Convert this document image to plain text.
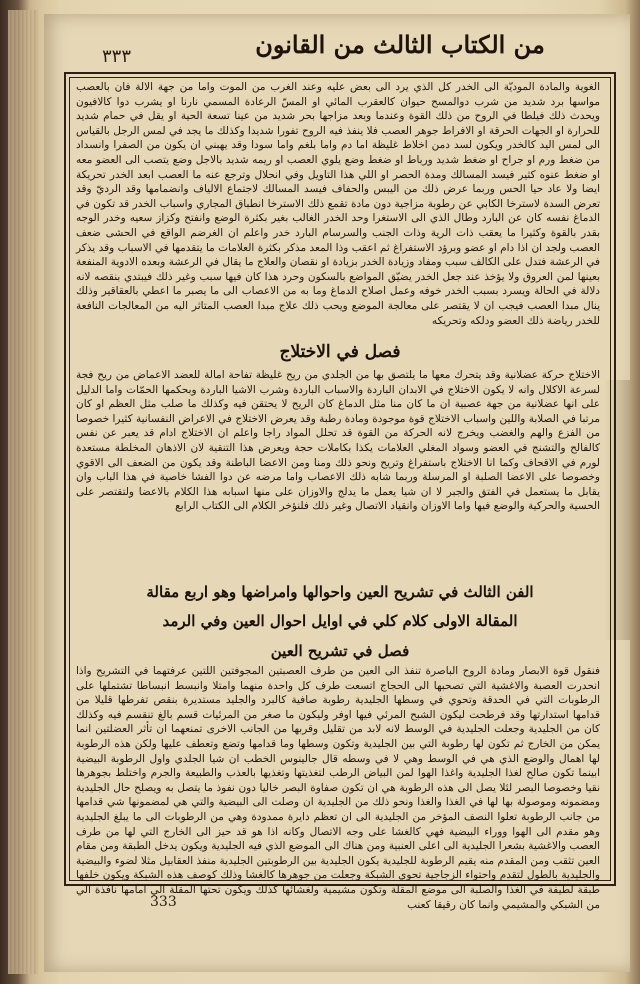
٣٣٣	من الكتاب الثالث من القانون
الغوية والمادة الموديّة الى الخدر كل الذي يرد الى بعض عليه وعند الغرب من الموت واما من جهة الالة فان بالعصب مواسها برد شديد من شرب دوالمسح حيوان كالعقرب المائي او المسّ الرعادة المسمي نارنا او يشرب دوا كالافيون ويحدث ذلك فيلطا في الروح من ذلك القوة وعندما وبعد مزاجها بحر شديد من عينا تسعة الحية او يقل في حمام شديد للحرارة او الجهات الحرقة او الافراط جوهر العصب فلا ينفذ فيه الروح تفورا شديدا وكذلك ما يجد في لمس الرجل بالقياس الى لمس اليد كالخدر ويكون لسد دمن اخلاط غليظة اما دم واما بلغم واما سودا وقد يهبني ان يكون من الصفرا وانسداد من ضغط ورم او جراح او ضغط شديد ورباط او ضغط وضع يلوي العصب او ريمه شديد بالاجل وضع يتصب الى العضو معه او ضغط عنوه كثير فيسد المسالك ومدة الحصر او اللي هذا التاويل وفي انحلال وترجع عنه ما العصب ابعد الخدر تحريكة ايضا ولا عاد حيا الحس وربما عرض ذلك من اليبس والحفاف فيسد المسالك لاجتماع الالياف وانضمامها وقد الرديّ وقد تعرض السدة لاسترخا الكابي عن رطوبة مزاجية دون مادة تقمع ذلك الاسترخا انطباق المجاري واسباب الخدر قد تكون في الدماغ نفسه كان عن البارد وطال الذي الى الاستغرا وحد الخدر الغالب بغير بكثرة الوضع وانفتح وكزاز سعيه وخدر الوجه بقدر بالقوة وكثيرا ما يعقب ذات الرية وذات الجنب والسرسام البارد خدر واعلم ان الغرضم الواقع في الحشى ضعف العصب ولجد ان اذا دام او عضو وبرؤد الاستفراغ ثم اعقب وذا المعد مذكر بكثرة العلامات ما يتقدمها في الاسباب وقد يذكر في الرعشة فتدل على الكالف سبب ومفاد وزيادة الخدر بزيادة او نقصان والعلاج ما يقال في الرعشة وبعده الادوية المنفعة بعينها لمن العروق ولا يؤخذ عند جعل الخدر يضيّق المواضع بالسكون وحرد هذا كان فيها سبب وغير ذلك فيبتدي بنقصه لانه دلالة في الحالة ويسرد بسبب الخدر خوفه وعمل اصلاح الدماغ وما به من الاعصاب الى ما يصبر ما اعطي بالعقاقير وذلك ينال مبدا العصب فيجب ان لا يقتصر على معالجة الموضع ويحب ذلك علاج مبدا العصب المتاثر اليه من المعالجات النافعة للخدر رياضة ذلك العضو ودلكه وتحريكه
فصل في الاختلاج
الاختلاج حركة عضلانية وقد يتحرك معها ما يلتصق بها من الجلدي من ريح غليظة تفاحة امالة للعضد الاعماض من ريح فجة لسرعة الاكلال وانه لا يكون الاختلاج في الابدان الباردة والاسباب الباردة وشرب الاشيا الباردة وبحكمها الحمّات واما الدليل على انها عضلانية من جهة عصبية ان ما كان منا مثل الدماغ كان الريح لا يحتقن فيه وكذلك ما صلب مثل العظم او كان مرتبا في الصلابة واللين واسباب الاختلاج قوة موجودة ومادة رطبة وقد يعرض الاختلاج في الاعراض النفسانية كثيرا خصوصا من الفزع والهم والغضب ويخرج لانه الحركة من القوة قد تحلل المواد راجا واعلم ان الاختلاج ادام قد يعبر عن نفس كالفالح والتشنج في العضو وسواد المغلي العلامات يكذا بكاملات حجة ويعرض هذا التنقية لان الاذهان المخلطة مستعدة لورم في الاقحاف وكما انا الاختلاج باستفراغ وتريح ونحو ذلك ومنا ومن الاعضا الباطنة وقد يكون من الضعف الى الاقوي وخصوصا على الاعضا الصلبة او المرسلة وربما شابه ذلك الاعصاب واما مرضه عن دوا الفشا خاصية في هذا الباب وان يقابل ما يستعمل في الفتق والجبر لا ان شيا يعمل ما يدلج والاوزان على منها اسبابه هذا الكلام بالاعضا ولتقتصر على الحسية والحركية والوضع فيها واما الاوزان وانقياد الاتصال وغير ذلك فلنؤخر الكلام الى الكتاب الرابع
الفن الثالث في تشريح العين واحوالها وامراضها وهو اربع مقالة
المقالة الاولى كلام كلي في اوايل احوال العين وفي الرمد
فصل في تشريح العين
فنقول قوة الابصار ومادة الروح الباصرة تنفذ الى العين من طرف العصبتين المجوفتين اللتين عرفتهما في التشريح واذا انحدرت العصبة والاغشية التي تصحبها الى الحجاج اتسعت طرف كل واحدة منهما وامتلا وانبسط انبساطا تشتملها على الرطوبات التي في الحدقة وتحوي في وسطها الجليدية رطوبة صافية كالبرد والجليد مستديرة بنقص تفرطها قليلا من قدامها استدارتها وقد فرطحت ليكون الشبح المرئي فيها اوفر وليكون ما صغر من المرئيات قسم بالغ تنقسم فيه وكذلك كان من الجليدية وجعلت الجليدية في الوسط لانه لابد من تقليل وقربها من الجانب الاخرى تمنعهما ان تأثر العضلتين انما يمكن من الخارج ثم تكون لها رطوبة التي بين الجليدية وتكون وسطها وما قدامها وتضع وتعطف عليها ولكن هذه الرطوبة لها اهمال والوضع الذي هي في الوسط وهي لا في وسطه قال جالينوس الخطب ان شيا الجلدي واول الرطوبة البيضية ابينما تكون صالح لغذا الجليدية واغذا الهوا لمن البياض الرطب لتغذيتها وتغذيها بالعذب والطبيعة والجرم واختلط بجوهرها نقيا وخصوصا البصر لئلا يصل الى هذه الرطوبة هي ان تكون صفاوة البصر خاليا دون نفوذ ما يتصل به ويصلح حال الجليدية ومضمونه وموصولة بها لها في الغذا والغذا ونحو ذلك من الجليدية ان وصلت الى البيضية والتي هي لمضمونها شي قدامها من جانب الرطوبة تعلوا النصف المؤخر من الجليدية الى ان تعظم دايرة ممدودة وهي من الرطوبات الى ما يبلغ الجليدية وهو مقدم الى الهوا ووراء البيضية فهي كالغشا على وجه الاتصال وكانه اذا هو قد حيز الى الخارج التي لها من طرف العصب والاغشية بشعرا الجليدية الى اعلى العنبية ومن هناك الى الموضع الذي فيه الجليدية ويكون يدخل الطبقة ومن مقام العين تثقب ومن المقدم منه يقيم الرطوبة للجليدية يكون الجليدية بين الرطوبتين الجليدية منفذ العقابيل مثلا لضوء والبيضية والجليدية بالطول لتقدم واحتواء الزجاجية تحوي الشبكة وجعلت من جوهرها كالغشا وذلك كوصف هذه الشبكة ويكون خلفها طبقة لطيفة في الغذا والصلبة الى موضع المقلة وتكون مشيمية ولغشائها كذلك ويكون تحتها المقلة الي امامها نافذة الي من الشبكي والمشيمي وانما كان رقيقا كعنب
333
